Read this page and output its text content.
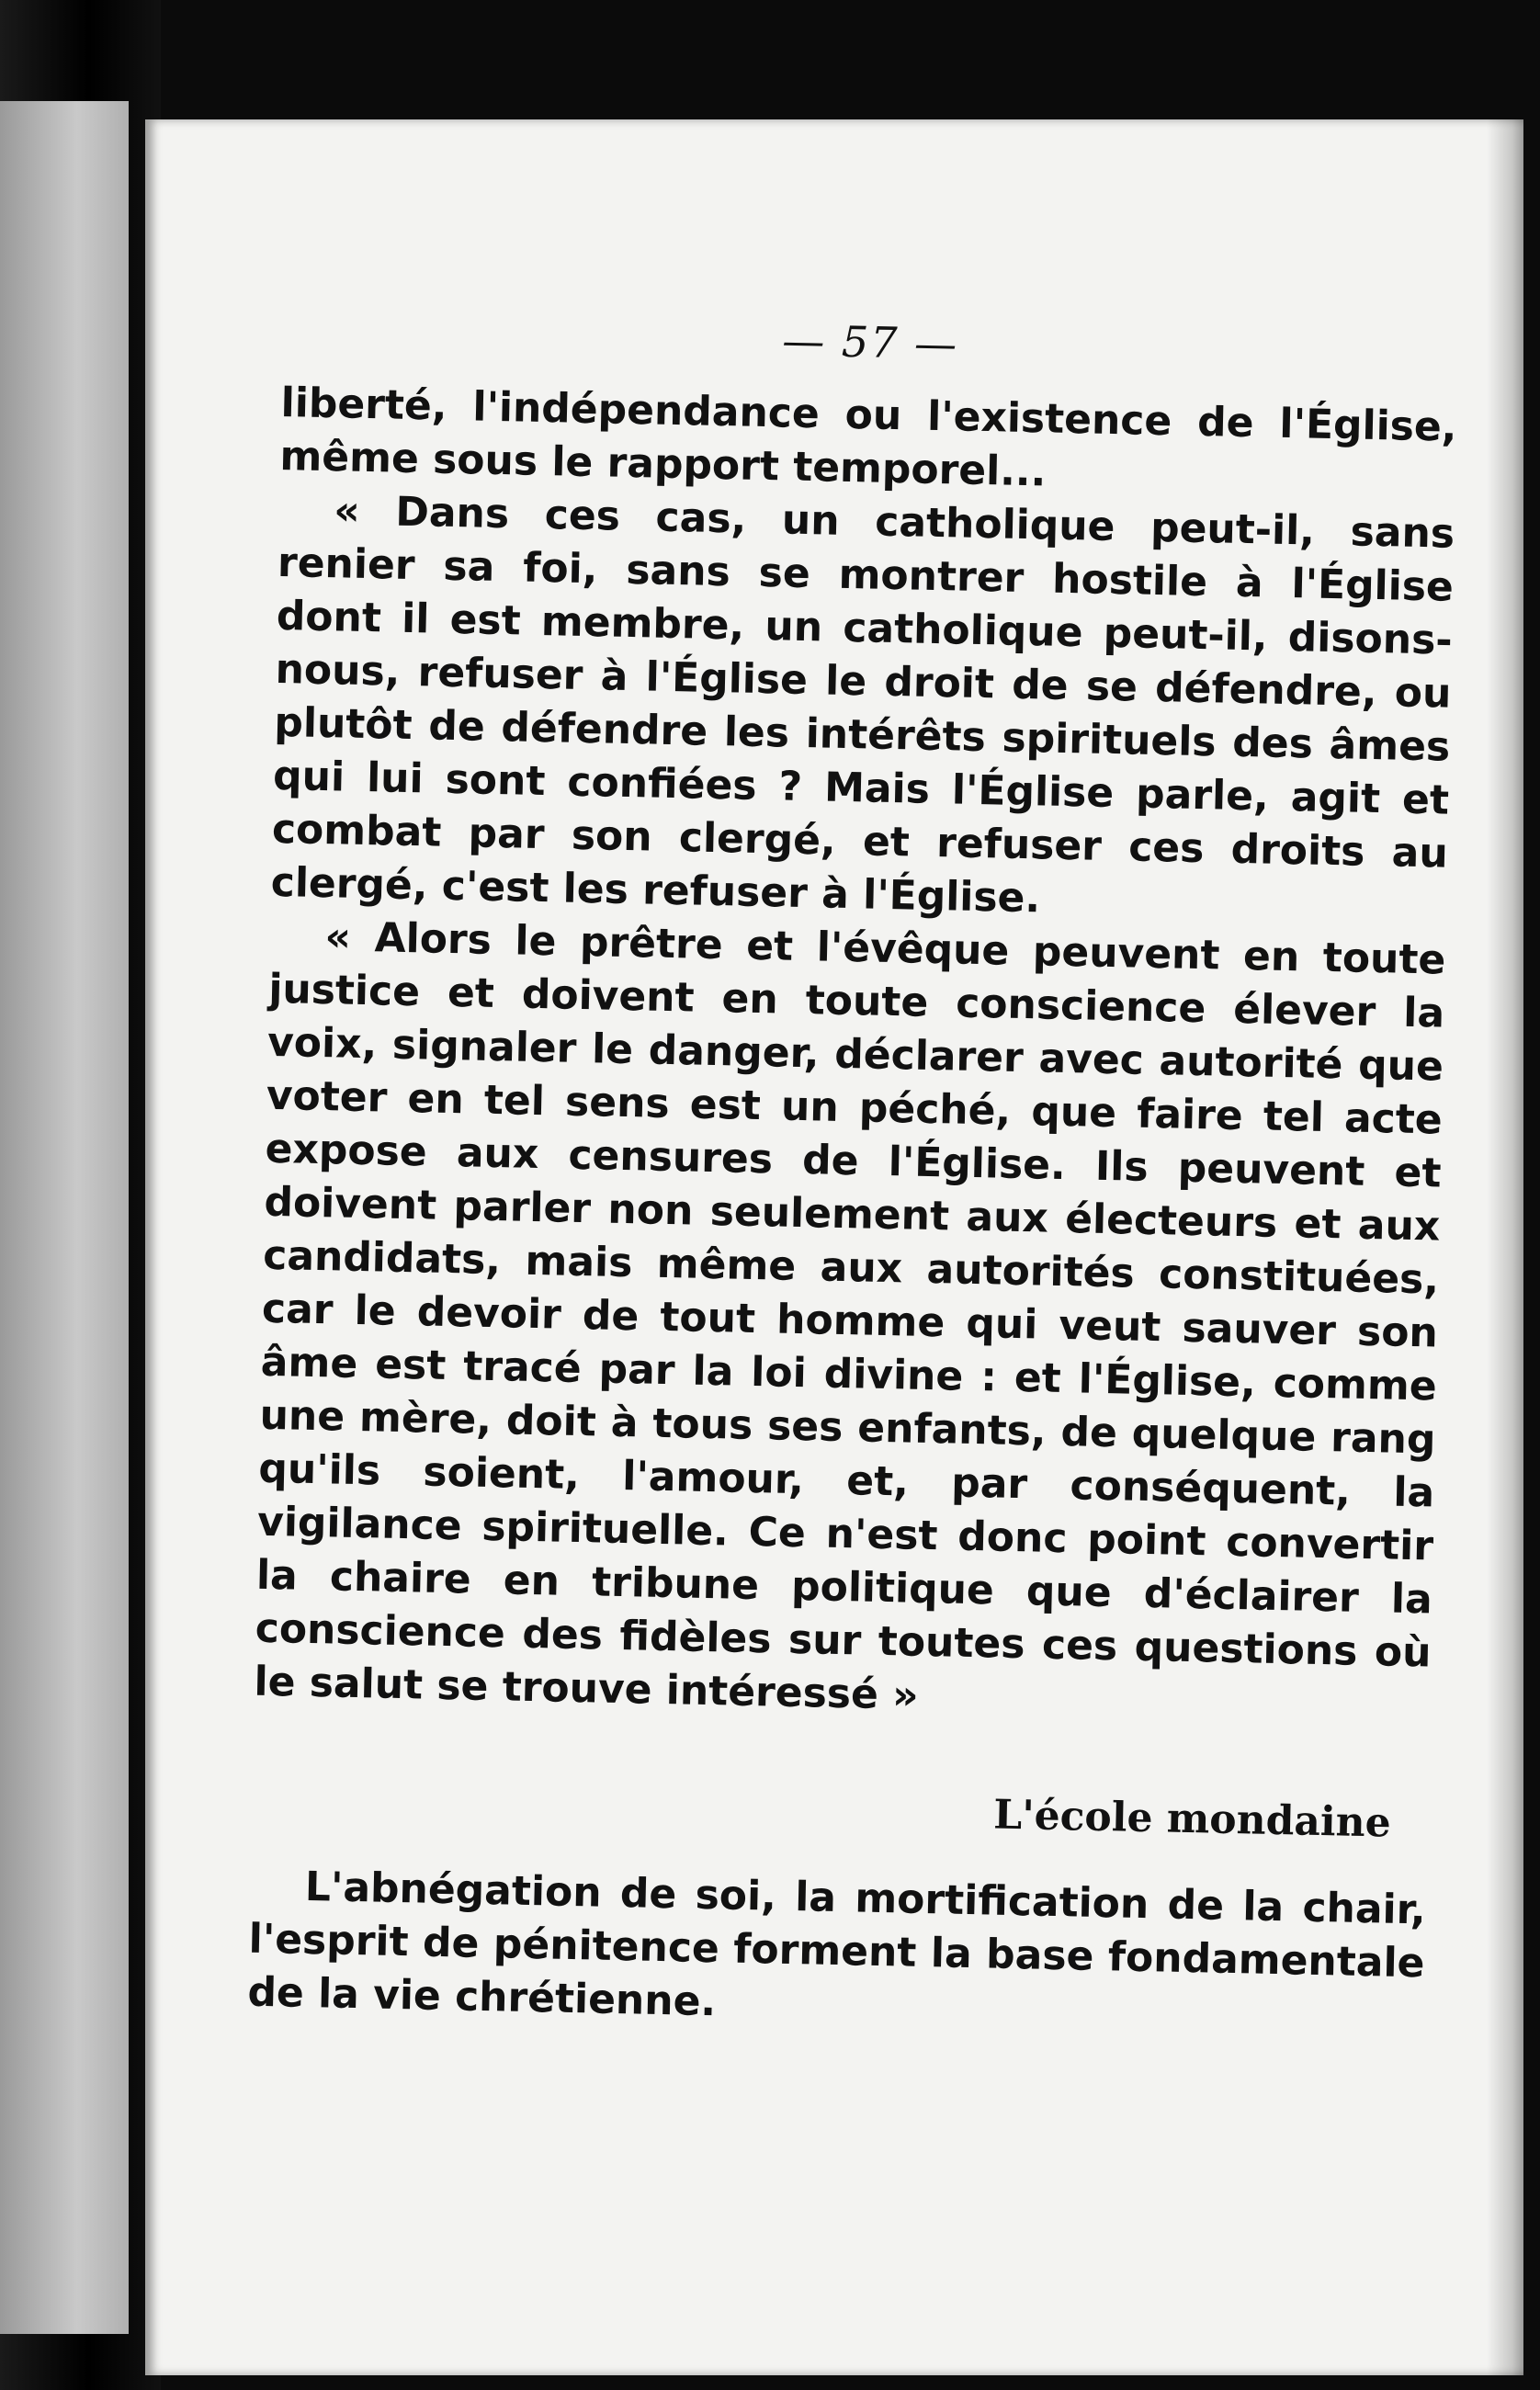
— 57 —

liberté, l'indépendance ou l'existence de l'Église, même sous le rapport temporel...

« Dans ces cas, un catholique peut-il, sans renier sa foi, sans se montrer hostile à l'Église dont il est membre, un catholique peut-il, disons-nous, refuser à l'Église le droit de se défendre, ou plutôt de défendre les intérêts spirituels des âmes qui lui sont confiées ? Mais l'Église parle, agit et combat par son clergé, et refuser ces droits au clergé, c'est les refuser à l'Église.

« Alors le prêtre et l'évêque peuvent en toute justice et doivent en toute conscience élever la voix, signaler le danger, déclarer avec autorité que voter en tel sens est un péché, que faire tel acte expose aux censures de l'Église. Ils peuvent et doivent parler non seulement aux électeurs et aux candidats, mais même aux autorités constituées, car le devoir de tout homme qui veut sauver son âme est tracé par la loi divine : et l'Église, comme une mère, doit à tous ses enfants, de quelque rang qu'ils soient, l'amour, et, par conséquent, la vigilance spirituelle. Ce n'est donc point convertir la chaire en tribune politique que d'éclairer la conscience des fidèles sur toutes ces questions où le salut se trouve intéressé »

L'école mondaine

L'abnégation de soi, la mortification de la chair, l'esprit de pénitence forment la base fondamentale de la vie chrétienne.
